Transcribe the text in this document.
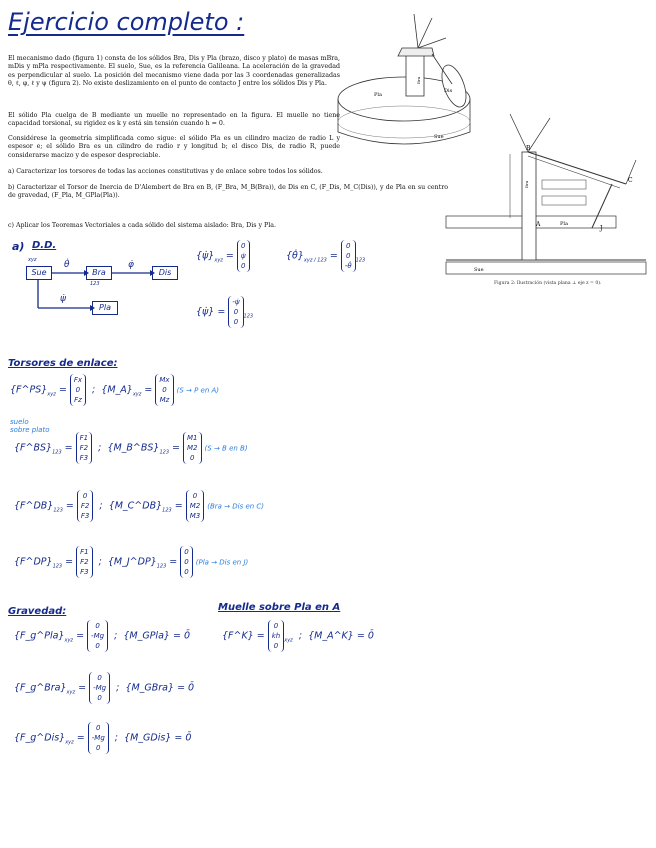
Ejercicio completo :
El mecanismo dado (figura 1) consta de los sólidos Bra, Dis y Pla (brazo, disco y plato) de masas mBra, mDis y mPla respectivamente. El suelo, Sue, es la referencia Galileana. La aceleración de la gravedad es perpendicular al suelo. La posición del mecanismo viene dada por las 3 coordenadas generalizadas θ, ℓ, φ, ℓ y ψ (figura 2). No existe deslizamiento en el punto de contacto J entre los sólidos Dis y Pla.
El sólido Pla cuelga de B mediante un muelle no representado en la figura. El muelle no tiene capacidad torsional, su rigidez es k y está sin tensión cuando h = 0.
Considérese la geometría simplificada como sigue: el sólido Pla es un cilindro macizo de radio L y espesor e; el sólido Bra es un cilindro de radio r y longitud b; el disco Dis, de radio R, puede considerarse macizo y de espesor despreciable.
a) Caracterizar los torsores de todas las acciones constitutivas y de enlace sobre todos los sólidos.
b) Caracterizar el Torsor de Inercia de D'Alembert de Bra en B, (F_Bra, M_B(Bra)), de Dis en C, (F_Dis, M_C(Dis)), y de Pla en su centro de gravedad, (F_Pla, M_GPla(Pla)).
c) Aplicar los Teoremas Vectoriales a cada sólido del sistema aislado: Bra, Dis y Pla.
Pla
Dis
Bra
Sue
B
A
C
J
Pla
Sue
Bra
Figura 2: Ilustración (vista plana ⊥ eje z = 0).
a) D.D.
Sue
xyz
Bra
123
Dis
Pla
θ̇	φ̇
ψ̇
$\{\psi̇\}_{xyz}$ =
0
ψ̇
0
$\{\thetȧ\}_{xyz / 123}$ =
0
0
-θ̇
$_{123}$
{ψ̇} =
-ψ̇
0
0
$_{123}$
Torsores de enlace:
$\{F\^{}PS\}_{xyz}$ =
Fx
0
Fz
;  $\{M\_A\}_{xyz}$ =
Mx
0
Mz
(S → P en A)
suelo sobre plato
$\{F\^{}BS\}_{123}$ =
F1
F2
F3
;  $\{M\_B\^{}BS\}_{123}$ =
M1
M2
0
(S → B en B)
$\{F\^{}DB\}_{123}$ =
0
F2
F3
;  $\{M\_C\^{}DB\}_{123}$ =
0
M2
M3
(Bra → Dis en C)
$\{F\^{}DP\}_{123}$ =
F1
F2
F3
;  $\{M\_J\^{}DP\}_{123}$ =
0
0
0
(Pla → Dis en J)
Gravedad:	Muelle sobre Pla en A
$\{F\_g\^{}Pla\}_{xyz}$ =
0
-Mg
0
;  {M_GPla} = 0̄
$\{F\_g\^{}Bra\}_{xyz}$ =
0
-Mg
0
;  {M_GBra} = 0̄
$\{F\_g\^{}Dis\}_{xyz}$ =
0
-Mg
0
;  {M_GDis} = 0̄
{F^K} =
0
kh
0
$_{xyz}$  ;  {M_A^K} = 0̄
